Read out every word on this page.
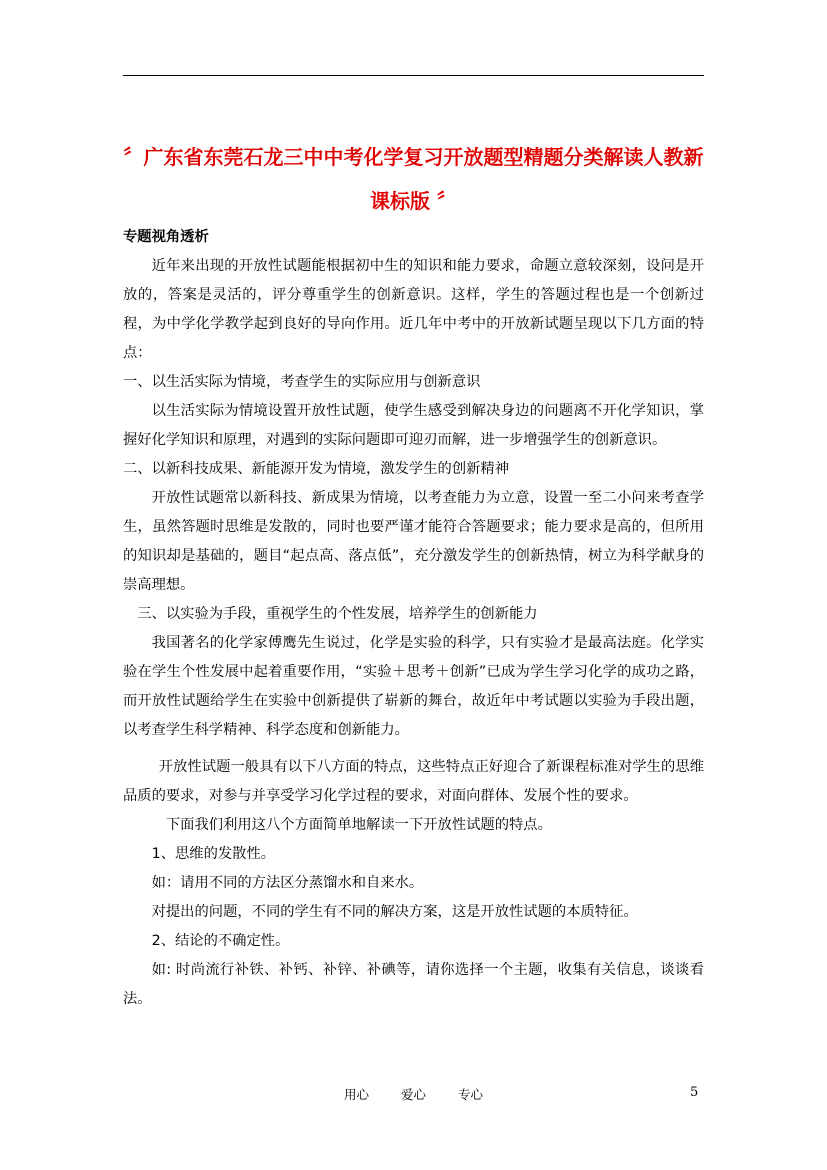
〞广东省东莞石龙三中中考化学复习开放题型精题分类解读人教新课标版 〞

专题视角透析

近年来出现的开放性试题能根据初中生的知识和能力要求，命题立意较深刻，设问是开放的，答案是灵活的，评分尊重学生的创新意识。这样，学生的答题过程也是一个创新过程，为中学化学教学起到良好的导向作用。近几年中考中的开放新试题呈现以下几方面的特点：

一、以生活实际为情境，考查学生的实际应用与创新意识

以生活实际为情境设置开放性试题，使学生感受到解决身边的问题离不开化学知识，掌握好化学知识和原理，对遇到的实际问题即可迎刃而解，进一步增强学生的创新意识。

二、以新科技成果、新能源开发为情境，激发学生的创新精神

开放性试题常以新科技、新成果为情境，以考查能力为立意，设置一至二小问来考查学生，虽然答题时思维是发散的，同时也要严谨才能符合答题要求；能力要求是高的，但所用的知识却是基础的，题目“起点高、落点低”，充分激发学生的创新热情，树立为科学献身的崇高理想。

三、以实验为手段，重视学生的个性发展，培养学生的创新能力

我国著名的化学家傅鹰先生说过，化学是实验的科学，只有实验才是最高法庭。化学实验在学生个性发展中起着重要作用，“实验＋思考＋创新”已成为学生学习化学的成功之路，而开放性试题给学生在实验中创新提供了崭新的舞台，故近年中考试题以实验为手段出题，以考查学生科学精神、科学态度和创新能力。

开放性试题一般具有以下八方面的特点，这些特点正好迎合了新课程标准对学生的思维品质的要求，对参与并享受学习化学过程的要求，对面向群体、发展个性的要求。

下面我们利用这八个方面简单地解读一下开放性试题的特点。

1、思维的发散性。

如：请用不同的方法区分蒸馏水和自来水。

对提出的问题，不同的学生有不同的解决方案，这是开放性试题的本质特征。

2、结论的不确定性。

如: 时尚流行补铁、补钙、补锌、补碘等，请你选择一个主题，收集有关信息，谈谈看法。

用心	爱心	专心	5
